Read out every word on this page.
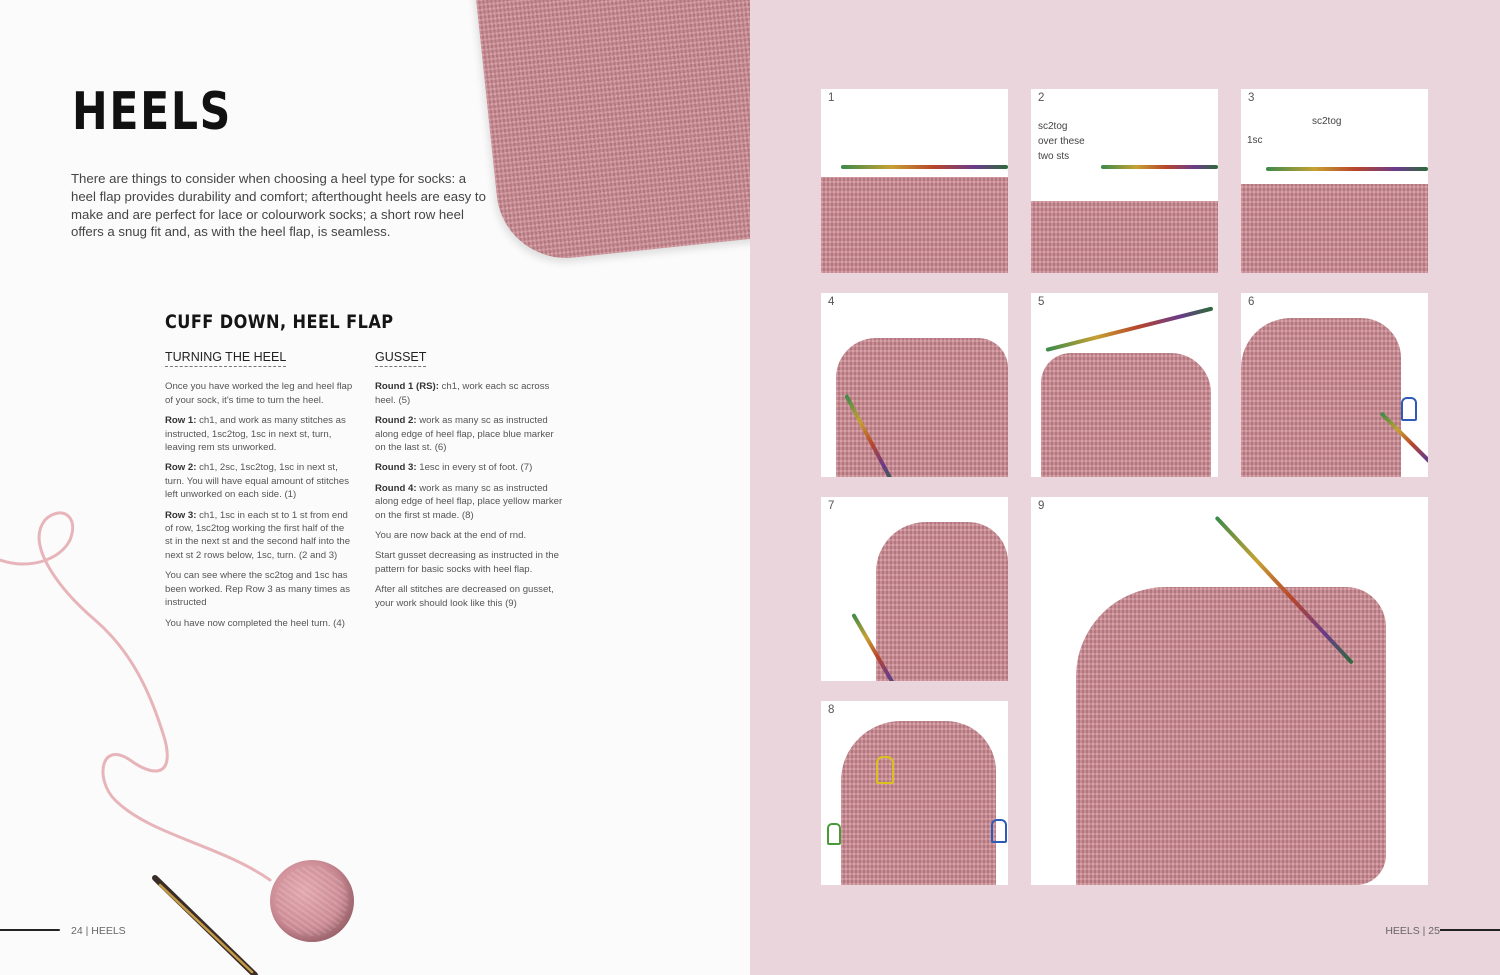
HEELS

There are things to consider when choosing a heel type for socks: a heel flap provides durability and comfort; afterthought heels are easy to make and are perfect for lace or colourwork socks; a short row heel offers a snug fit and, as with the heel flap, is seamless.

CUFF DOWN, HEEL FLAP
TURNING THE HEEL

Once you have worked the leg and heel flap of your sock, it's time to turn the heel.

Row 1: ch1, and work as many stitches as instructed, 1sc2tog, 1sc in next st, turn, leaving rem sts unworked.

Row 2: ch1, 2sc, 1sc2tog, 1sc in next st, turn. You will have equal amount of stitches left unworked on each side. (1)

Row 3: ch1, 1sc in each st to 1 st from end of row, 1sc2tog working the first half of the st in the next st and the second half into the next st 2 rows below, 1sc, turn. (2 and 3)

You can see where the sc2tog and 1sc has been worked. Rep Row 3 as many times as instructed

You have now completed the heel turn. (4)

GUSSET

Round 1 (RS): ch1, work each sc across heel. (5)

Round 2: work as many sc as instructed along edge of heel flap, place blue marker on the last st. (6)

Round 3: 1esc in every st of foot. (7)

Round 4: work as many sc as instructed along edge of heel flap, place yellow marker on the first st made. (8)

You are now back at the end of rnd.

Start gusset decreasing as instructed in the pattern for basic socks with heel flap.

After all stitches are decreased on gusset, your work should look like this (9)

24 | HEELS
1
sc2tog
over these
two sts
2
1sc
sc2tog
3
4	5	6
7	9
8
HEELS | 25
